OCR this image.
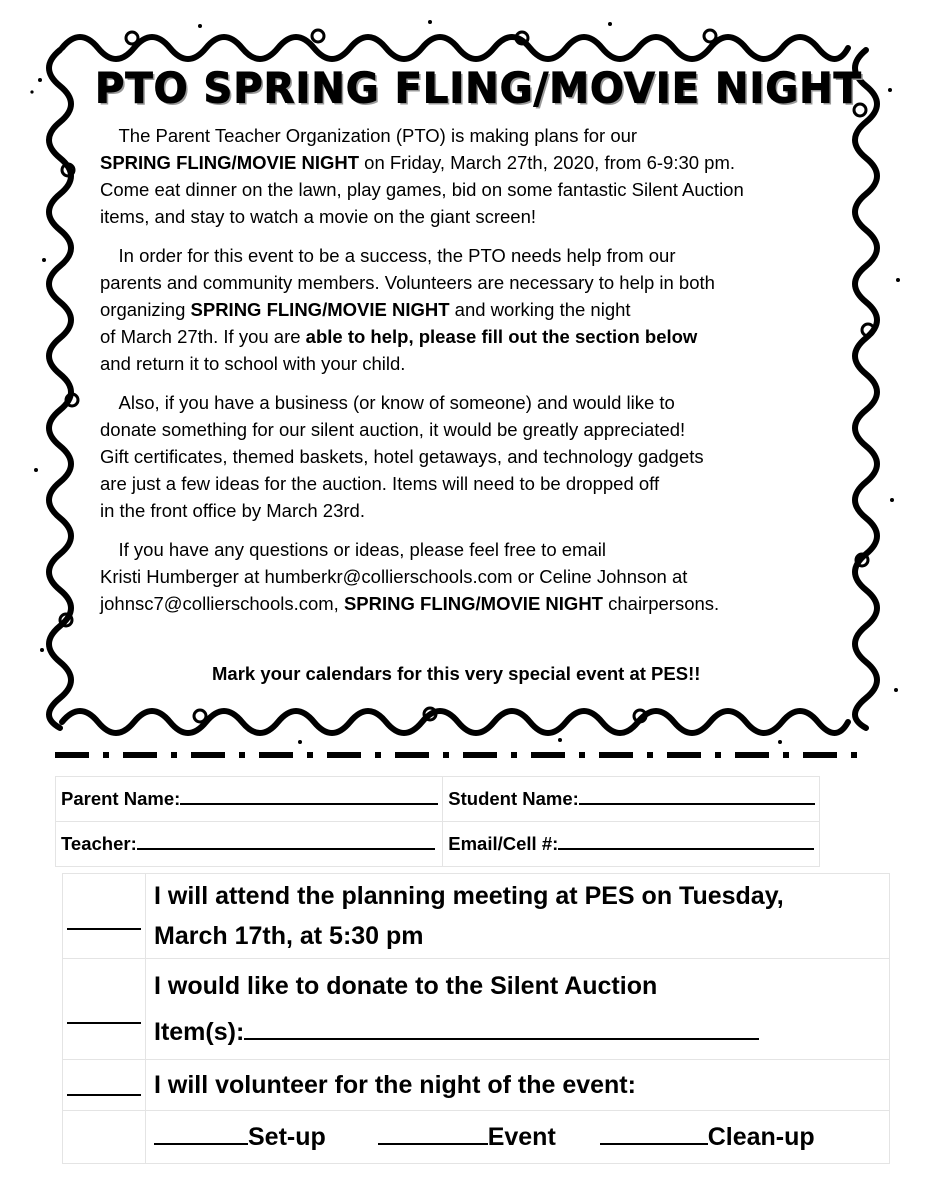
PTO SPRING FLING/MOVIE NIGHT

 The Parent Teacher Organization (PTO) is making plans for our

SPRING FLING/MOVIE NIGHT on Friday, March 27th, 2020, from 6-9:30 pm.

Come eat dinner on the lawn, play games, bid on some fantastic Silent Auction

items, and stay to watch a movie on the giant screen!

 In order for this event to be a success, the PTO needs help from our

parents and community members. Volunteers are necessary to help in both

organizing SPRING FLING/MOVIE NIGHT and working the night

of March 27th. If you are able to help, please fill out the section below

and return it to school with your child.

 Also, if you have a business (or know of someone) and would like to

donate something for our silent auction, it would be greatly appreciated!

Gift certificates, themed baskets, hotel getaways, and technology gadgets

are just a few ideas for the auction. Items will need to be dropped off

in the front office by March 23rd.

 If you have any questions or ideas, please feel free to email

Kristi Humberger at humberkr@collierschools.com or Celine Johnson at

johnsc7@collierschools.com, SPRING FLING/MOVIE NIGHT chairpersons.

Mark your calendars for this very special event at PES!!
Parent Name:	Student Name:
Teacher:	Email/Cell #:

	I will attend the planning meeting at PES on Tuesday,
March 17th, at 5:30 pm

	I would like to donate to the Silent Auction
Item(s):

	I will volunteer for the night of the event:
	Set-up Event Clean-up
